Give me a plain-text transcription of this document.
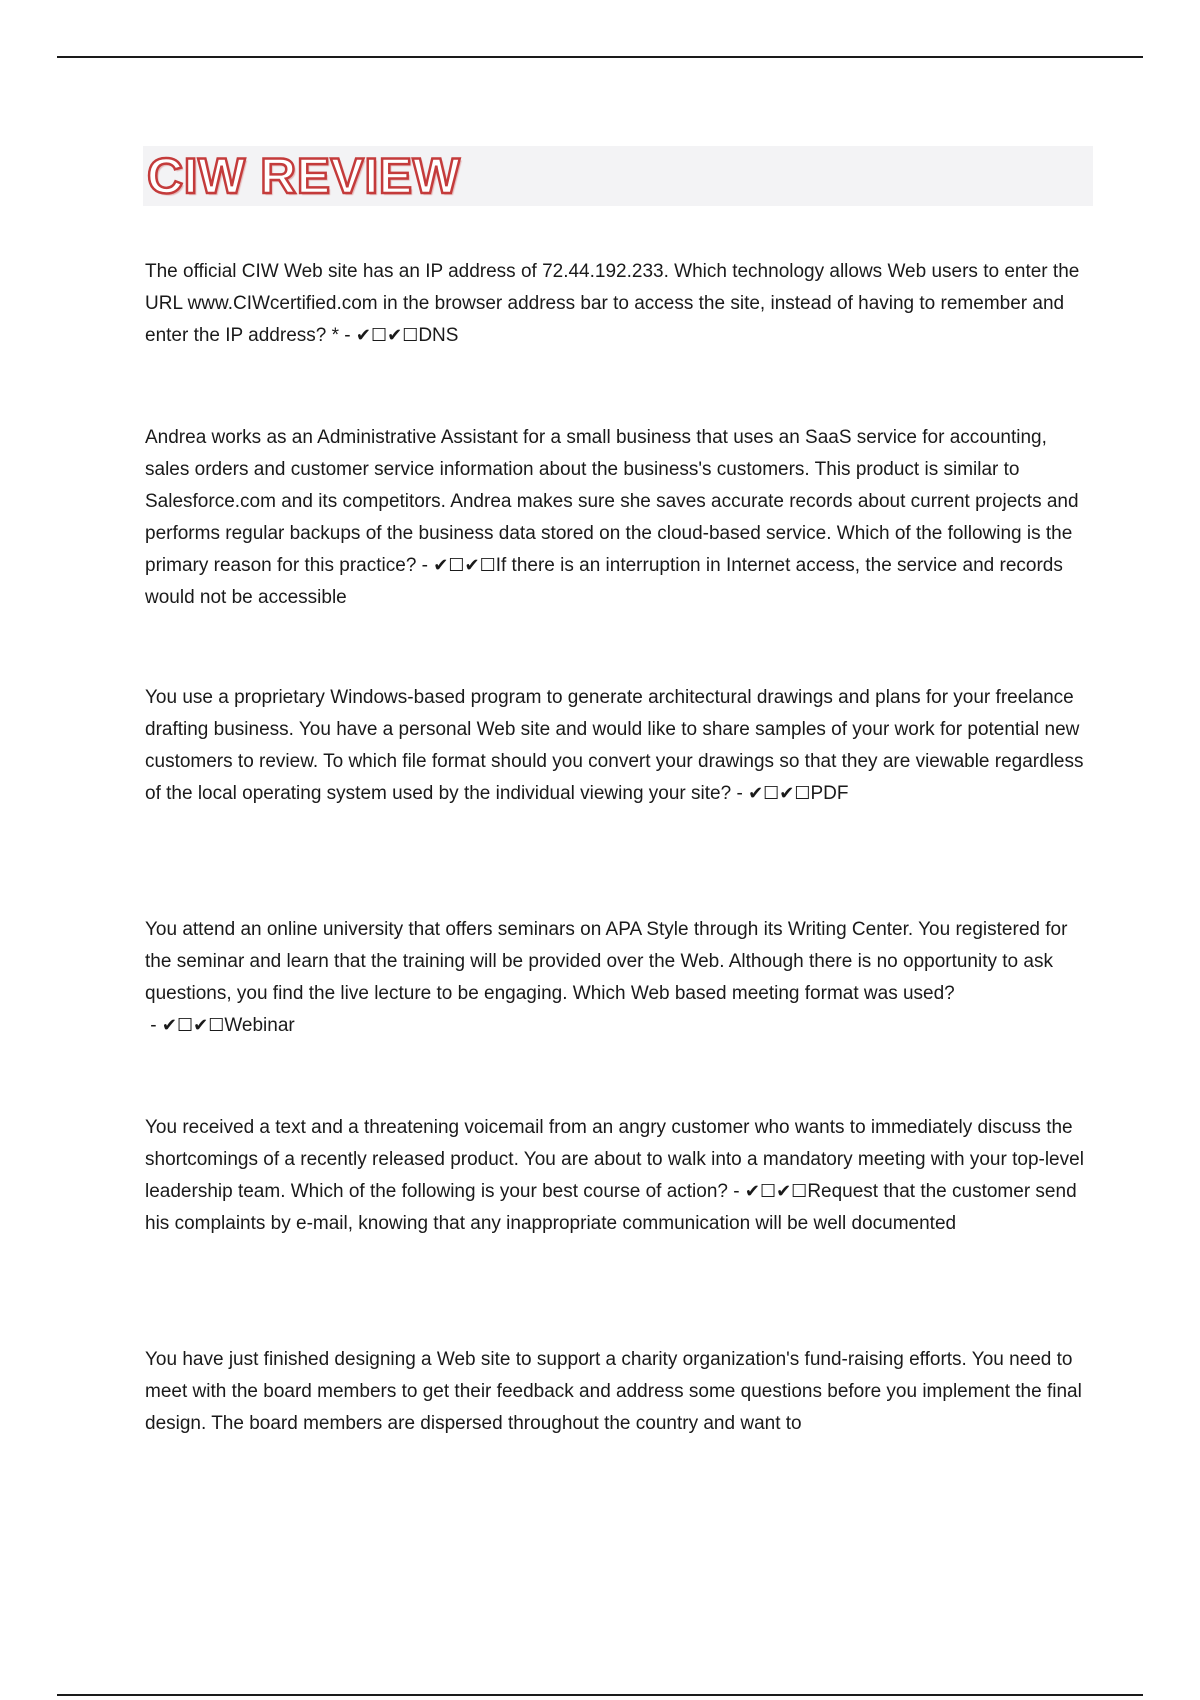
CIW REVIEW

The official CIW Web site has an IP address of 72.44.192.233. Which technology allows Web users to enter the URL www.CIWcertified.com in the browser address bar to access the site, instead of having to remember and enter the IP address? * - ✔☐✔☐DNS

Andrea works as an Administrative Assistant for a small business that uses an SaaS service for accounting, sales orders and customer service information about the business's customers. This product is similar to Salesforce.com and its competitors. Andrea makes sure she saves accurate records about current projects and performs regular backups of the business data stored on the cloud-based service. Which of the following is the primary reason for this practice? - ✔☐✔☐If there is an interruption in Internet access, the service and records would not be accessible

You use a proprietary Windows-based program to generate architectural drawings and plans for your freelance drafting business. You have a personal Web site and would like to share samples of your work for potential new customers to review. To which file format should you convert your drawings so that they are viewable regardless of the local operating system used by the individual viewing your site? - ✔☐✔☐PDF

You attend an online university that offers seminars on APA Style through its Writing Center. You registered for the seminar and learn that the training will be provided over the Web. Although there is no opportunity to ask questions, you find the live lecture to be engaging. Which Web based meeting format was used? - ✔☐✔☐Webinar

You received a text and a threatening voicemail from an angry customer who wants to immediately discuss the shortcomings of a recently released product. You are about to walk into a mandatory meeting with your top-level leadership team. Which of the following is your best course of action? - ✔☐✔☐Request that the customer send his complaints by e-mail, knowing that any inappropriate communication will be well documented

You have just finished designing a Web site to support a charity organization's fund-raising efforts. You need to meet with the board members to get their feedback and address some questions before you implement the final design. The board members are dispersed throughout the country and want to
